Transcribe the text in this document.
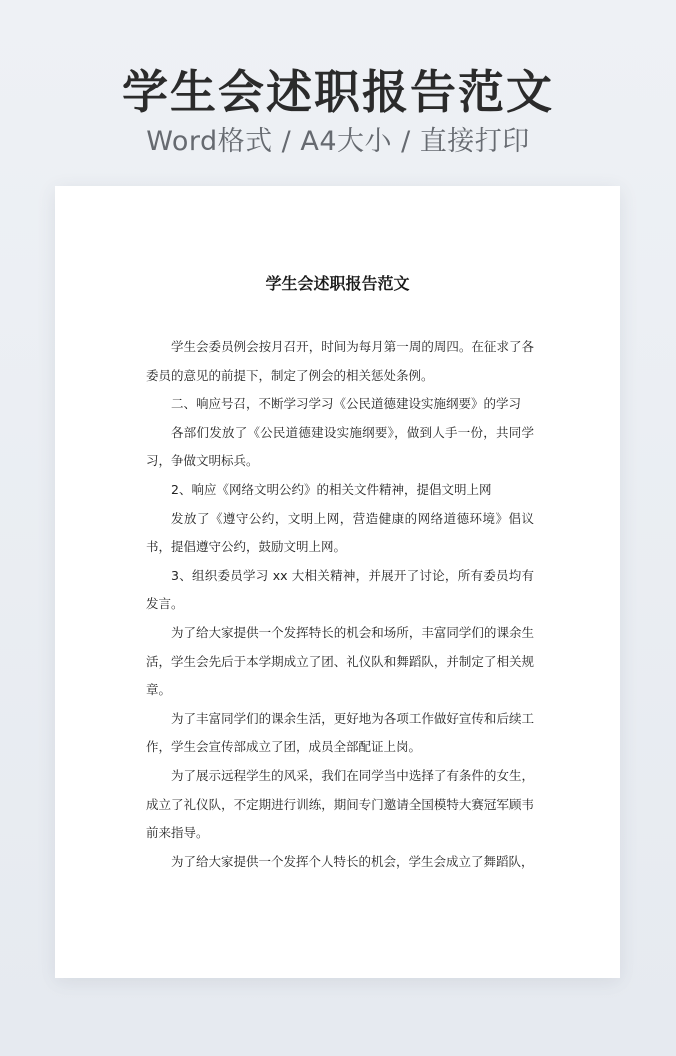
学生会述职报告范文
Word格式 / A4大小 / 直接打印
学生会述职报告范文

学生会委员例会按月召开，时间为每月第一周的周四。在征求了各委员的意见的前提下，制定了例会的相关惩处条例。

二、响应号召，不断学习学习《公民道德建设实施纲要》的学习

各部们发放了《公民道德建设实施纲要》，做到人手一份，共同学习，争做文明标兵。

2、响应《网络文明公约》的相关文件精神，提倡文明上网

发放了《遵守公约，文明上网，营造健康的网络道德环境》倡议书，提倡遵守公约，鼓励文明上网。

3、组织委员学习 xx 大相关精神，并展开了讨论，所有委员均有发言。

为了给大家提供一个发挥特长的机会和场所，丰富同学们的课余生活，学生会先后于本学期成立了团、礼仪队和舞蹈队，并制定了相关规章。

为了丰富同学们的课余生活，更好地为各项工作做好宣传和后续工作，学生会宣传部成立了团，成员全部配证上岗。

为了展示远程学生的风采，我们在同学当中选择了有条件的女生，成立了礼仪队，不定期进行训练，期间专门邀请全国模特大赛冠军顾韦前来指导。

为了给大家提供一个发挥个人特长的机会，学生会成立了舞蹈队，
